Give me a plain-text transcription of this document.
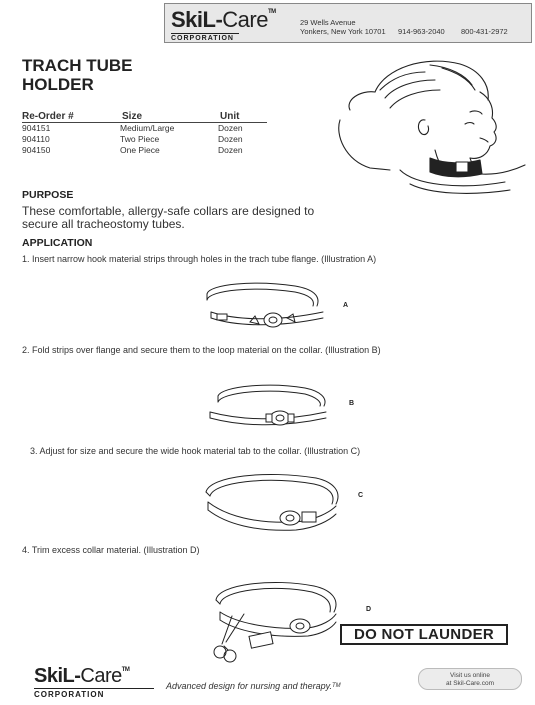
SkiL-Care™
CORPORATION
29 Wells Avenue
Yonkers, New York 10701 914-963-2040 800-431-2972
TRACH TUBE
HOLDER
Re-Order #	Size	Unit
904151	Medium/Large	Dozen
904110	Two Piece	Dozen
904150	One Piece	Dozen
PURPOSE
These comfortable, allergy-safe collars are designed to secure all tracheostomy tubes.
APPLICATION
1. Insert narrow hook material strips through holes in the trach tube flange. (Illustration A)
A
2. Fold strips over flange and secure them to the loop material on the collar. (Illustration B)
B
3. Adjust for size and secure the wide hook material tab to the collar. (Illustration C)
C
4. Trim excess collar material. (Illustration D)
D
DO NOT LAUNDER
SkiL-Care™
CORPORATION
Advanced design for nursing and therapy.™
Visit us online
at Skil-Care.com
